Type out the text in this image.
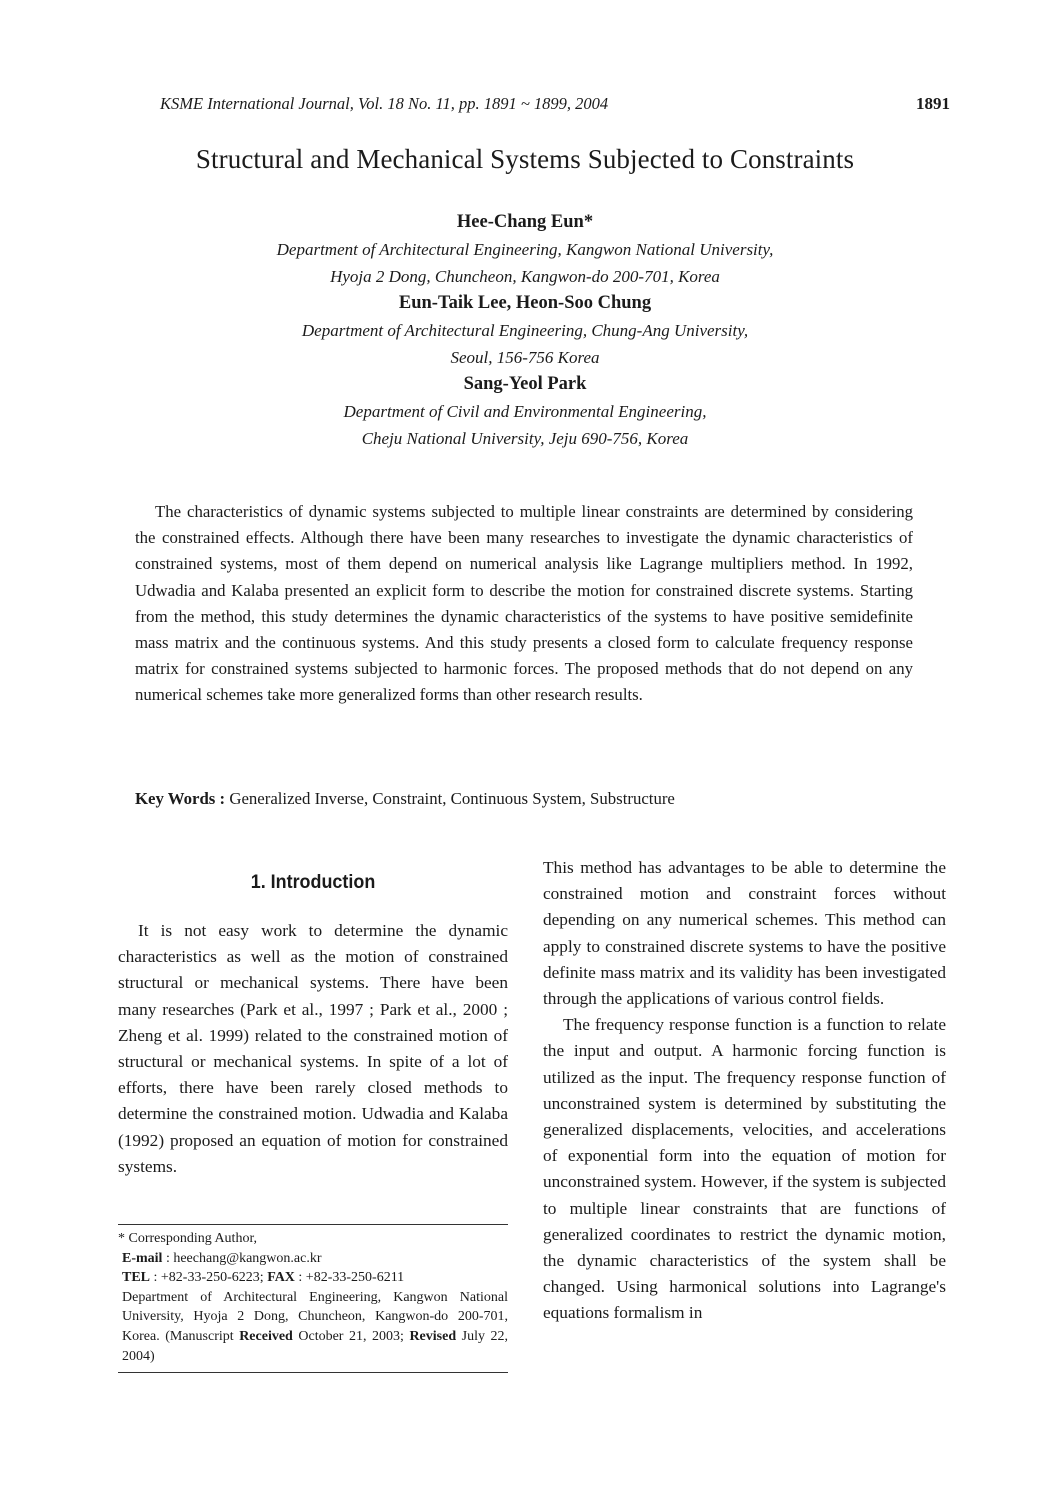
KSME International Journal, Vol. 18 No. 11, pp. 1891 ~ 1899, 2004	1891
Structural and Mechanical Systems Subjected to Constraints
Hee-Chang Eun*
Department of Architectural Engineering, Kangwon National University,
Hyoja 2 Dong, Chuncheon, Kangwon-do 200-701, Korea
Eun-Taik Lee, Heon-Soo Chung
Department of Architectural Engineering, Chung-Ang University,
Seoul, 156-756 Korea
Sang-Yeol Park
Department of Civil and Environmental Engineering,
Cheju National University, Jeju 690-756, Korea

The characteristics of dynamic systems subjected to multiple linear constraints are determined by considering the constrained effects. Although there have been many researches to investigate the dynamic characteristics of constrained systems, most of them depend on numerical analysis like Lagrange multipliers method. In 1992, Udwadia and Kalaba presented an explicit form to describe the motion for constrained discrete systems. Starting from the method, this study determines the dynamic characteristics of the systems to have positive semidefinite mass matrix and the continuous systems. And this study presents a closed form to calculate frequency response matrix for constrained systems subjected to harmonic forces. The proposed methods that do not depend on any numerical schemes take more generalized forms than other research results.

Key Words : Generalized Inverse, Constraint, Continuous System, Substructure
1. Introduction

It is not easy work to determine the dynamic characteristics as well as the motion of constrained structural or mechanical systems. There have been many researches (Park et al., 1997 ; Park et al., 2000 ; Zheng et al. 1999) related to the constrained motion of structural or mechanical systems. In spite of a lot of efforts, there have been rarely closed methods to determine the constrained motion. Udwadia and Kalaba (1992) proposed an equation of motion for constrained systems.

* Corresponding Author,
E-mail : heechang@kangwon.ac.kr
TEL : +82-33-250-6223; FAX : +82-33-250-6211
Department of Architectural Engineering, Kangwon National University, Hyoja 2 Dong, Chuncheon, Kangwon-do 200-701, Korea. (Manuscript Received October 21, 2003; Revised July 22, 2004)

This method has advantages to be able to determine the constrained motion and constraint forces without depending on any numerical schemes. This method can apply to constrained discrete systems to have the positive definite mass matrix and its validity has been investigated through the applications of various control fields.

The frequency response function is a function to relate the input and output. A harmonic forcing function is utilized as the input. The frequency response function of unconstrained system is determined by substituting the generalized displacements, velocities, and accelerations of exponential form into the equation of motion for unconstrained system. However, if the system is subjected to multiple linear constraints that are functions of generalized coordinates to restrict the dynamic motion, the dynamic characteristics of the system shall be changed. Using harmonical solutions into Lagrange's equations formalism in
